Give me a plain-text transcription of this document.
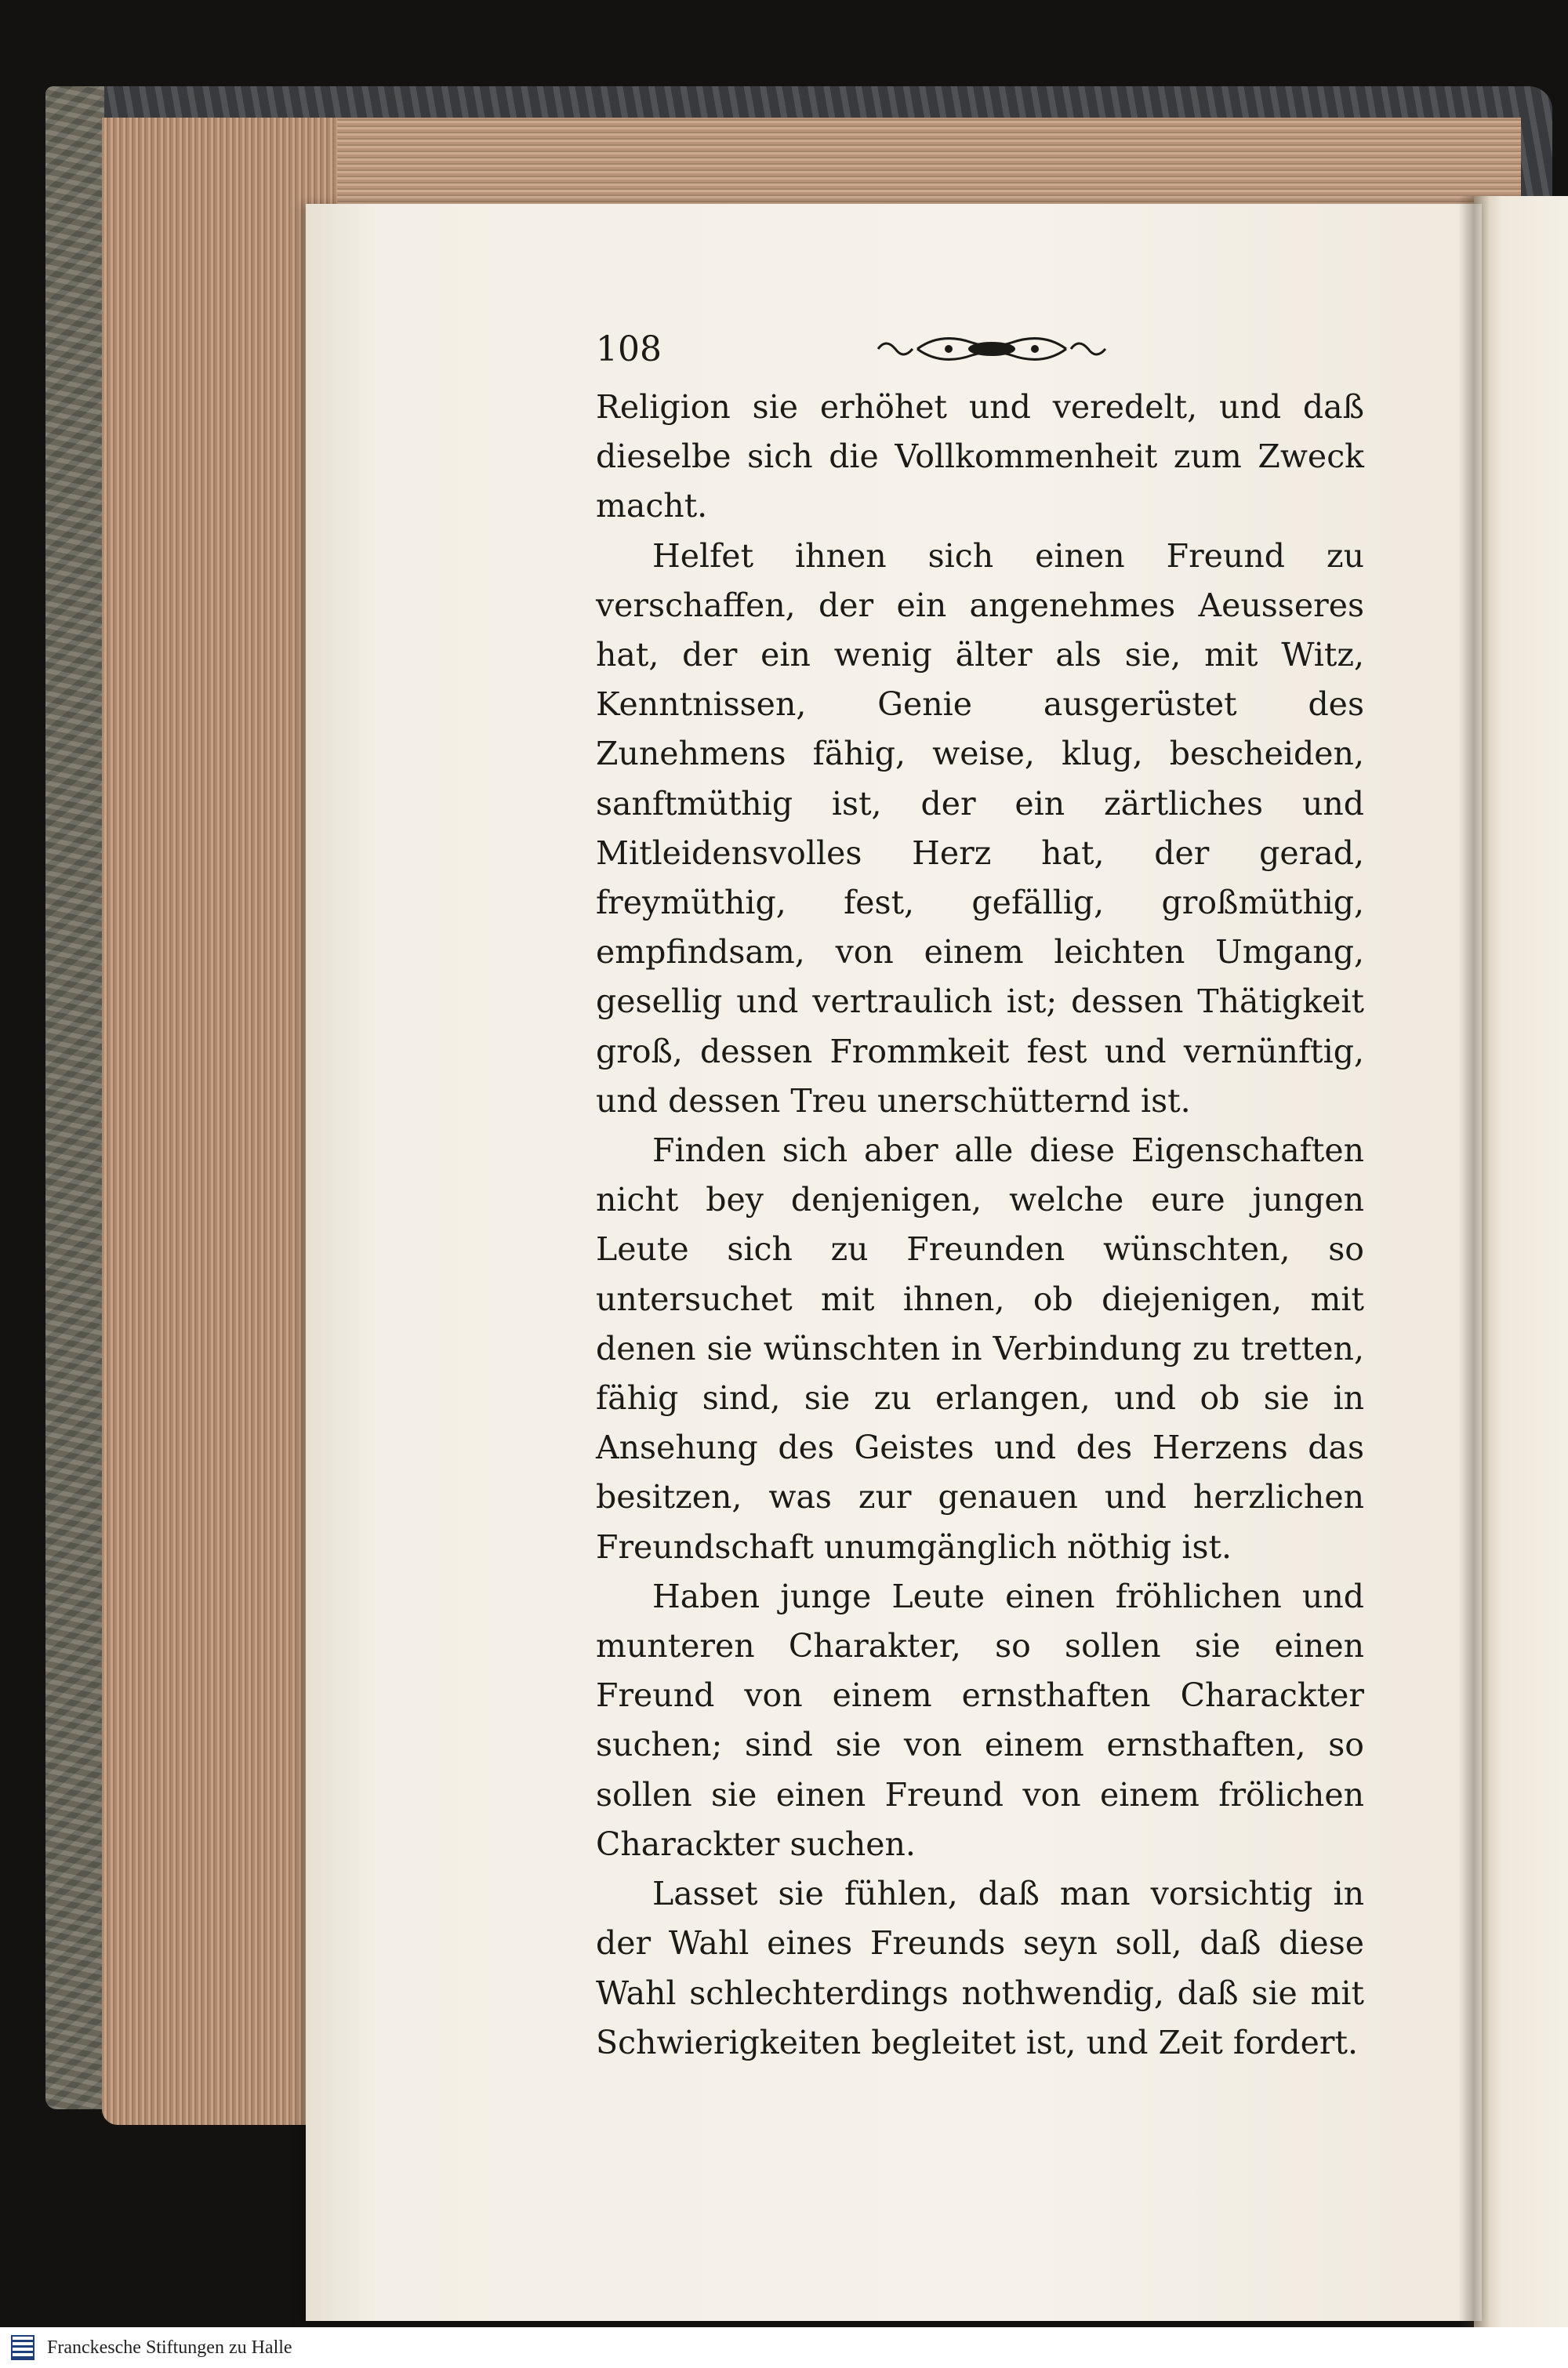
108

Religion sie erhöhet und veredelt, und daß dieselbe sich die Vollkommenheit zum Zweck macht.

Helfet ihnen sich einen Freund zu verschaffen, der ein angenehmes Aeusseres hat, der ein wenig älter als sie, mit Witz, Kenntnissen, Genie ausgerüstet des Zunehmens fähig, weise, klug, bescheiden, sanftmüthig ist, der ein zärtliches und Mitleidensvolles Herz hat, der gerad, freymüthig, fest, gefällig, großmüthig, empfindsam, von einem leichten Umgang, gesellig und vertraulich ist; dessen Thätigkeit groß, dessen Frommkeit fest und vernünftig, und dessen Treu unerschütternd ist.

Finden sich aber alle diese Eigenschaften nicht bey denjenigen, welche eure jungen Leute sich zu Freunden wünschten, so untersuchet mit ihnen, ob diejenigen, mit denen sie wünschten in Verbindung zu tretten, fähig sind, sie zu erlangen, und ob sie in Ansehung des Geistes und des Herzens das besitzen, was zur genauen und herzlichen Freundschaft unumgänglich nöthig ist.

Haben junge Leute einen fröhlichen und munteren Charakter, so sollen sie einen Freund von einem ernsthaften Charackter suchen; sind sie von einem ernsthaften, so sollen sie einen Freund von einem frölichen Charackter suchen.

Lasset sie fühlen, daß man vorsichtig in der Wahl eines Freunds seyn soll, daß diese Wahl schlechterdings nothwendig, daß sie mit Schwierigkeiten begleitet ist, und Zeit fordert.

Franckesche Stiftungen zu Halle
